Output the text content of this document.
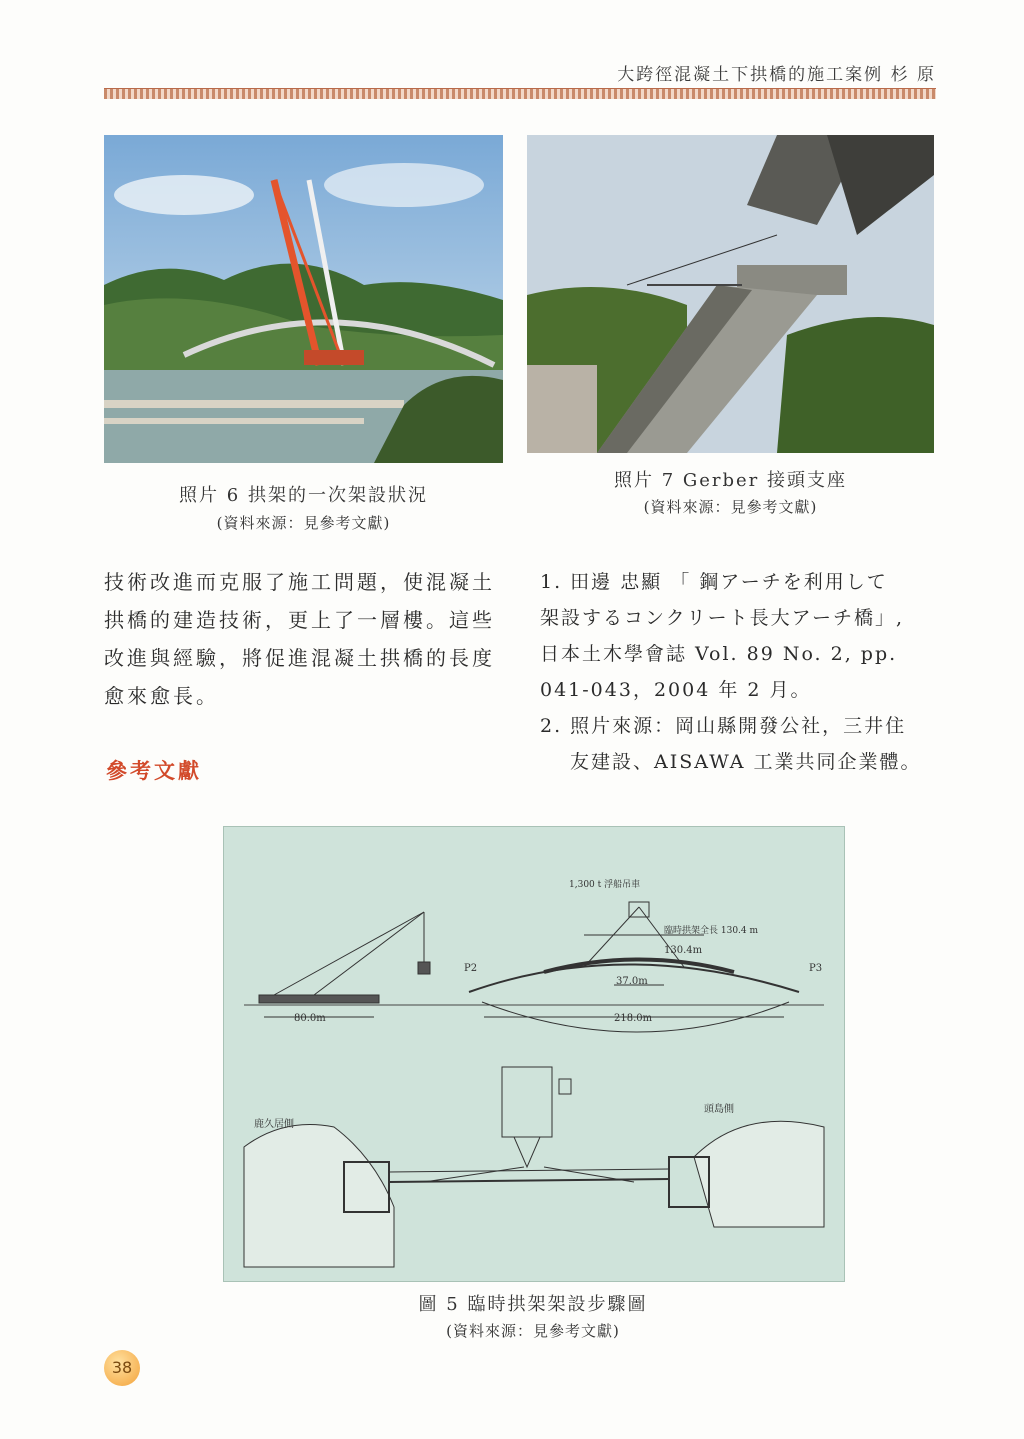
大跨徑混凝土下拱橋的施工案例 杉 原
照片 6 拱架的一次架設狀況
(資料來源：見參考文獻)
照片 7 Gerber 接頭支座
(資料來源：見參考文獻)
技術改進而克服了施工問題，使混凝土
拱橋的建造技術，更上了一層樓。這些
改進與經驗，將促進混凝土拱橋的長度
愈來愈長。
參考文獻
1. 田邊 忠顯 「 鋼アーチを利用して
架設するコンクリート長大アーチ橋」,
日本土木學會誌 Vol. 89 No. 2, pp.
041-043，2004 年 2 月。
2. 照片來源：岡山縣開發公社，三井住
友建設、AISAWA 工業共同企業體。
1,300 t 浮船吊車
臨時拱架全長 130.4 m
130.4m
37.0m
218.0m
80.0m
P2	P3
鹿久居側
頭島側
圖 5 臨時拱架架設步驟圖
(資料來源：見參考文獻)
38
